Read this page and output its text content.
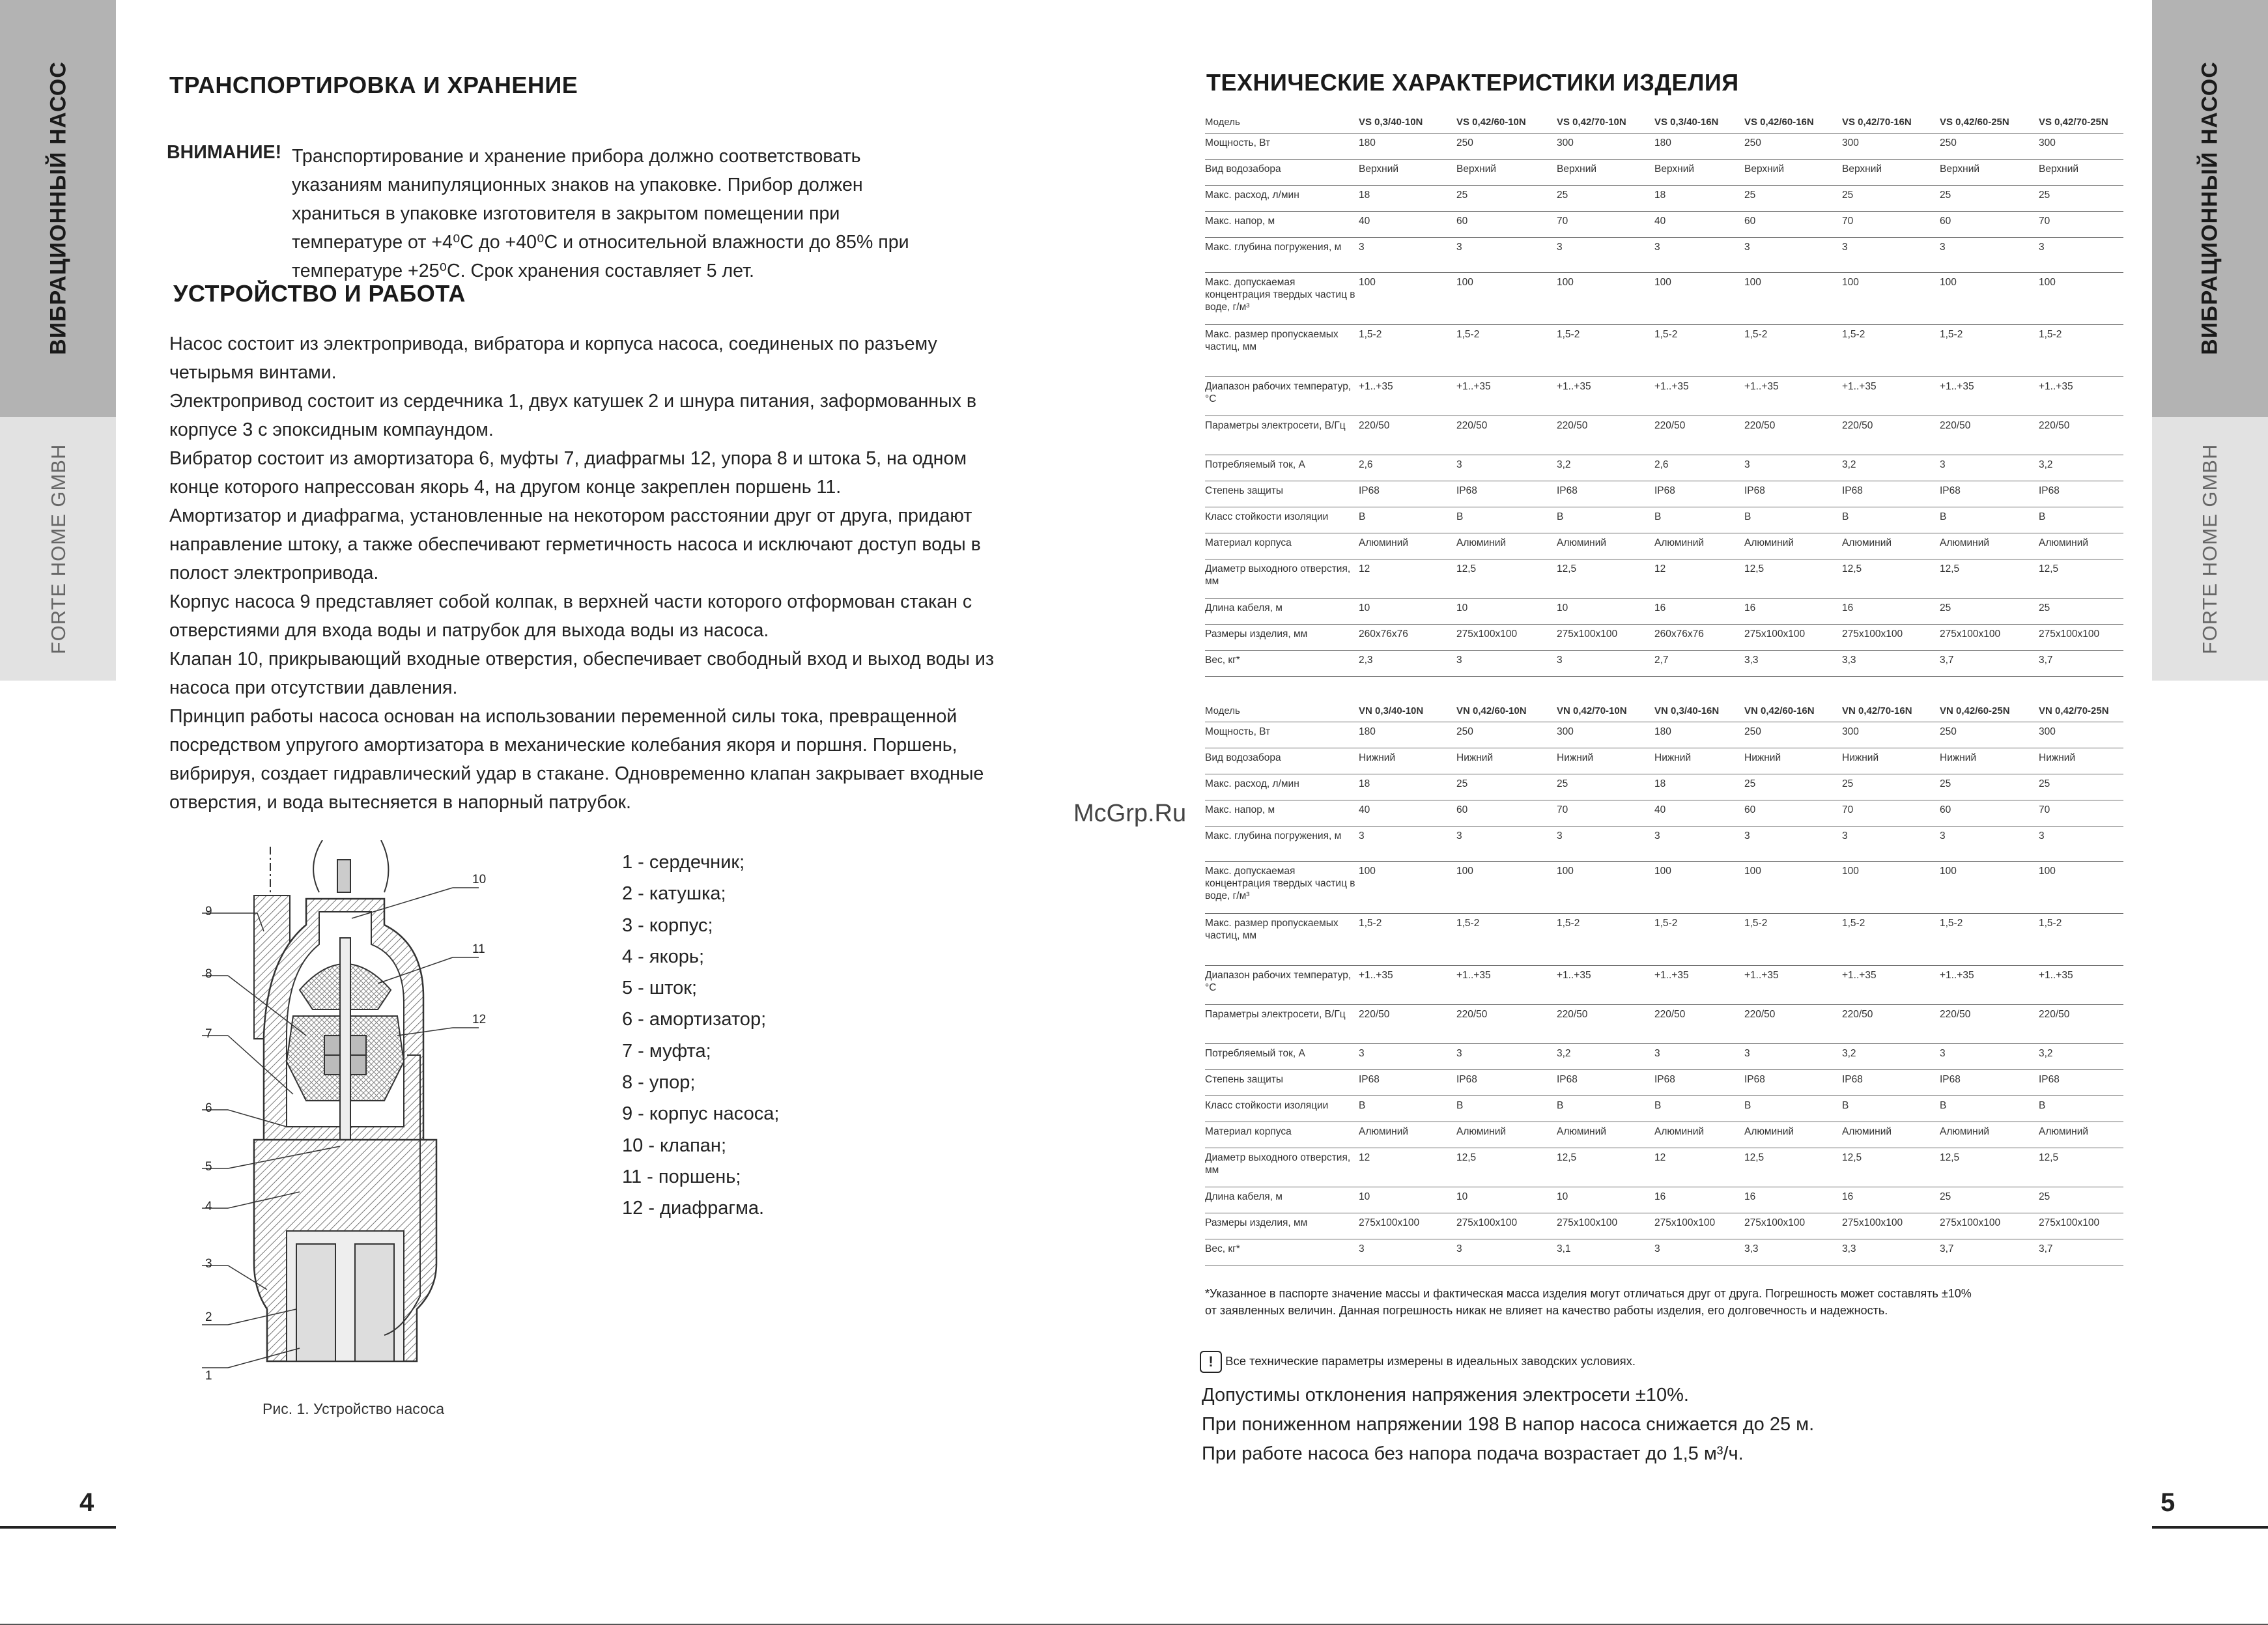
ВИБРАЦИОННЫЙ НАСОС
FORTE HOME GMBH
4
ТРАНСПОРТИРОВКА И ХРАНЕНИЕ
ВНИМАНИЕ! Транспортирование и хранение прибора должно соответствовать

указаниям манипуляционных знаков на упаковке. Прибор должен

храниться в упаковке изготовителя в закрытом помещении при

температуре от +4⁰С до +40⁰С и относительной влажности до 85% при

температуре +25⁰С. Срок хранения составляет 5 лет.

УСТРОЙСТВО И РАБОТА

Насос состоит из электропривода, вибратора и корпуса насоса, соединеных по разъему

четырьмя винтами.

Электропривод состоит из сердечника 1, двух катушек 2 и шнура питания, заформованных в

корпусе 3 с эпоксидным компаундом.

Вибратор состоит из амортизатора 6, муфты 7, диафрагмы 12, упора 8 и штока 5, на одном

конце которого напрессован якорь 4, на другом конце закреплен поршень 11.

Амортизатор и диафрагма, установленные на некотором расстоянии друг от друга, придают

направление штоку, а также обеспечивают герметичность насоса и исключают доступ воды в

полост электропривода.

Корпус насоса 9 представляет собой колпак, в верхней части которого отформован стакан с

отверстиями для входа воды и патрубок для выхода воды из насоса.

Клапан 10, прикрывающий входные отверстия, обеспечивает свободный вход и выход воды из

насоса при отсутствии давления.

Принцип работы насоса основан на использовании переменной силы тока, превращенной

посредством упругого амортизатора в механические колебания якоря и поршня. Поршень,

вибрируя, создает гидравлический удар в стакане. Одновременно клапан закрывает входные

отверстия, и вода вытесняется в напорный патрубок.

1
2
3
4
5
6
7
8
9
10
11
12
1 - сердечник;
2 - катушка;
3 - корпус;
4 - якорь;
5 - шток;
6 - амортизатор;
7 - муфта;
8 - упор;
9 - корпус насоса;
10 - клапан;
11 - поршень;
12 - диафрагма.
Рис. 1. Устройство насоса
ВИБРАЦИОННЫЙ НАСОС
FORTE HOME GMBH
5
ТЕХНИЧЕСКИЕ ХАРАКТЕРИСТИКИ ИЗДЕЛИЯ
McGrp.Ru
Модель	VS 0,3/40-10N	VS 0,42/60-10N	VS 0,42/70-10N	VS 0,3/40-16N	VS 0,42/60-16N	VS 0,42/70-16N	VS 0,42/60-25N	VS 0,42/70-25N
Мощность, Вт	180	250	300	180	250	300	250	300
Вид водозабора	Верхний	Верхний	Верхний	Верхний	Верхний	Верхний	Верхний	Верхний
Макс. расход, л/мин	18	25	25	18	25	25	25	25
Макс. напор, м	40	60	70	40	60	70	60	70
Макс. глубина погружения, м	3	3	3	3	3	3	3	3
Макс. допускаемая концентрация твердых частиц в воде, г/м³	100	100	100	100	100	100	100	100
Макс. размер пропускаемых частиц, мм	1,5-2	1,5-2	1,5-2	1,5-2	1,5-2	1,5-2	1,5-2	1,5-2
Диапазон рабочих температур, °С	+1..+35	+1..+35	+1..+35	+1..+35	+1..+35	+1..+35	+1..+35	+1..+35
Параметры электросети, В/Гц	220/50	220/50	220/50	220/50	220/50	220/50	220/50	220/50
Потребляемый ток, А	2,6	3	3,2	2,6	3	3,2	3	3,2
Степень защиты	IP68	IP68	IP68	IP68	IP68	IP68	IP68	IP68
Класс стойкости изоляции	B	B	B	B	B	B	B	B
Материал корпуса	Алюминий	Алюминий	Алюминий	Алюминий	Алюминий	Алюминий	Алюминий	Алюминий
Диаметр выходного отверстия, мм	12	12,5	12,5	12	12,5	12,5	12,5	12,5
Длина кабеля, м	10	10	10	16	16	16	25	25
Размеры изделия, мм	260х76х76	275х100х100	275х100х100	260х76х76	275х100х100	275х100х100	275х100х100	275х100х100
Вес, кг*	2,3	3	3	2,7	3,3	3,3	3,7	3,7
Модель	VN 0,3/40-10N	VN 0,42/60-10N	VN 0,42/70-10N	VN 0,3/40-16N	VN 0,42/60-16N	VN 0,42/70-16N	VN 0,42/60-25N	VN 0,42/70-25N
Мощность, Вт	180	250	300	180	250	300	250	300
Вид водозабора	Нижний	Нижний	Нижний	Нижний	Нижний	Нижний	Нижний	Нижний
Макс. расход, л/мин	18	25	25	18	25	25	25	25
Макс. напор, м	40	60	70	40	60	70	60	70
Макс. глубина погружения, м	3	3	3	3	3	3	3	3
Макс. допускаемая концентрация твердых частиц в воде, г/м³	100	100	100	100	100	100	100	100
Макс. размер пропускаемых частиц, мм	1,5-2	1,5-2	1,5-2	1,5-2	1,5-2	1,5-2	1,5-2	1,5-2
Диапазон рабочих температур, °С	+1..+35	+1..+35	+1..+35	+1..+35	+1..+35	+1..+35	+1..+35	+1..+35
Параметры электросети, В/Гц	220/50	220/50	220/50	220/50	220/50	220/50	220/50	220/50
Потребляемый ток, А	3	3	3,2	3	3	3,2	3	3,2
Степень защиты	IP68	IP68	IP68	IP68	IP68	IP68	IP68	IP68
Класс стойкости изоляции	B	B	B	B	B	B	B	B
Материал корпуса	Алюминий	Алюминий	Алюминий	Алюминий	Алюминий	Алюминий	Алюминий	Алюминий
Диаметр выходного отверстия, мм	12	12,5	12,5	12	12,5	12,5	12,5	12,5
Длина кабеля, м	10	10	10	16	16	16	25	25
Размеры изделия, мм	275х100х100	275х100х100	275х100х100	275х100х100	275х100х100	275х100х100	275х100х100	275х100х100
Вес, кг*	3	3	3,1	3	3,3	3,3	3,7	3,7
*Указанное в паспорте значение массы и фактическая масса изделия могут отличаться друг от друга. Погрешность может составлять ±10%
от заявленных величин. Данная погрешность никак не влияет на качество работы изделия, его долговечность и надежность.
! Все технические параметры измерены в идеальных заводских условиях.
Допустимы отклонения напряжения электросети ±10%.
При пониженном напряжении 198 В напор насоса снижается до 25 м.
При работе насоса без напора подача возрастает до 1,5 м³/ч.
